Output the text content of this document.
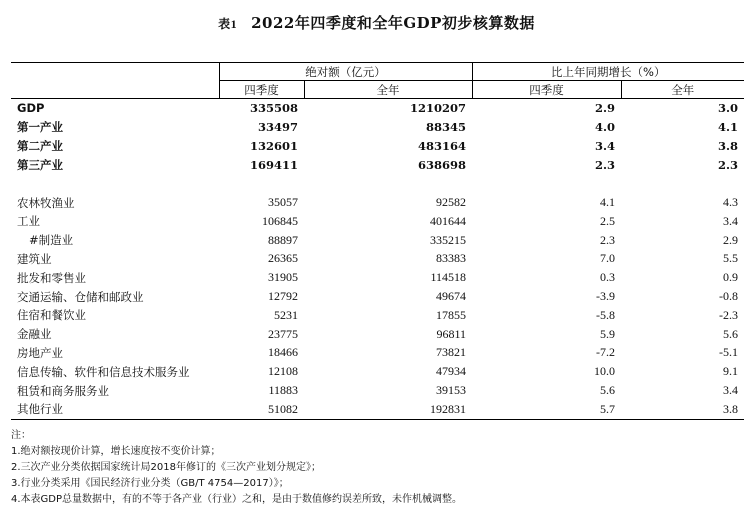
表1 2022年四季度和全年GDP初步核算数据
	绝对额（亿元）		比上年同期增长（%）	
	四季度	全年	四季度	全年
GDP	335508	1210207	2.9	3.0
第一产业	33497	88345	4.0	4.1
第二产业	132601	483164	3.4	3.8
第三产业	169411	638698	2.3	2.3

农林牧渔业	35057	92582	4.1	4.3
工业	106845	401644	2.5	3.4
#制造业	88897	335215	2.3	2.9
建筑业	26365	83383	7.0	5.5
批发和零售业	31905	114518	0.3	0.9
交通运输、仓储和邮政业	12792	49674	-3.9	-0.8
住宿和餐饮业	5231	17855	-5.8	-2.3
金融业	23775	96811	5.9	5.6
房地产业	18466	73821	-7.2	-5.1
信息传输、软件和信息技术服务业	12108	47934	10.0	9.1
租赁和商务服务业	11883	39153	5.6	3.4
其他行业	51082	192831	5.7	3.8
注：
1.绝对额按现价计算，增长速度按不变价计算；
2.三次产业分类依据国家统计局2018年修订的《三次产业划分规定》；
3.行业分类采用《国民经济行业分类（GB/T 4754—2017）》；
4.本表GDP总量数据中，有的不等于各产业（行业）之和，是由于数值修约误差所致，未作机械调整。
